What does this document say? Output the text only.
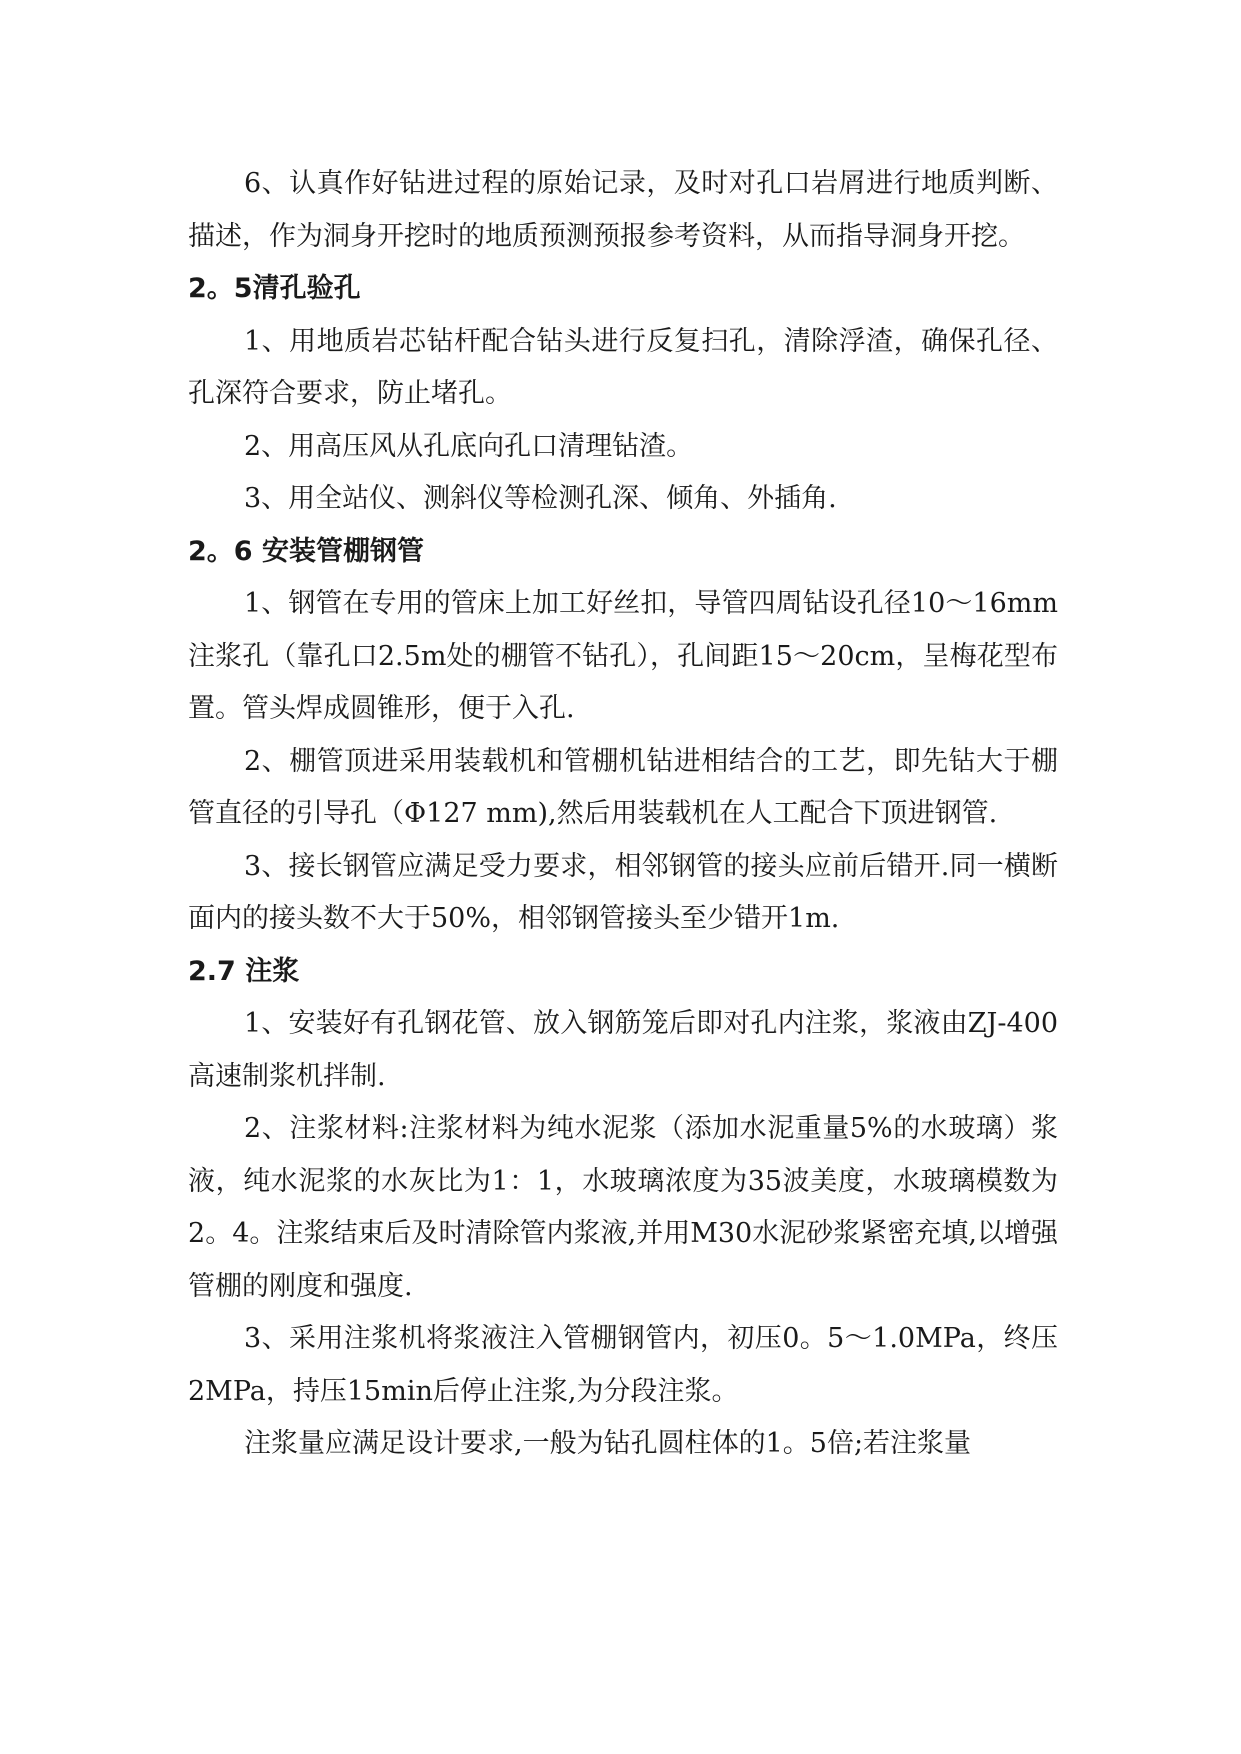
6、认真作好钻进过程的原始记录，及时对孔口岩屑进行地质判断、描述，作为洞身开挖时的地质预测预报参考资料，从而指导洞身开挖。

2。5清孔验孔

1、用地质岩芯钻杆配合钻头进行反复扫孔，清除浮渣，确保孔径、孔深符合要求，防止堵孔。

2、用高压风从孔底向孔口清理钻渣。

3、用全站仪、测斜仪等检测孔深、倾角、外插角.

2。6 安装管棚钢管

1、钢管在专用的管床上加工好丝扣，导管四周钻设孔径10～16mm注浆孔（靠孔口2.5m处的棚管不钻孔），孔间距15～20cm，呈梅花型布置。管头焊成圆锥形，便于入孔.

2、棚管顶进采用装载机和管棚机钻进相结合的工艺，即先钻大于棚管直径的引导孔（Φ127 mm),然后用装载机在人工配合下顶进钢管.

3、接长钢管应满足受力要求，相邻钢管的接头应前后错开.同一横断面内的接头数不大于50%，相邻钢管接头至少错开1m.

2.7 注浆

1、安装好有孔钢花管、放入钢筋笼后即对孔内注浆，浆液由ZJ-400高速制浆机拌制.

2、注浆材料:注浆材料为纯水泥浆（添加水泥重量5%的水玻璃）浆液，纯水泥浆的水灰比为1：1，水玻璃浓度为35波美度，水玻璃模数为2。4。注浆结束后及时清除管内浆液,并用M30水泥砂浆紧密充填,以增强管棚的刚度和强度.

3、采用注浆机将浆液注入管棚钢管内，初压0。5～1.0MPa，终压2MPa，持压15min后停止注浆,为分段注浆。

注浆量应满足设计要求,一般为钻孔圆柱体的1。5倍;若注浆量
